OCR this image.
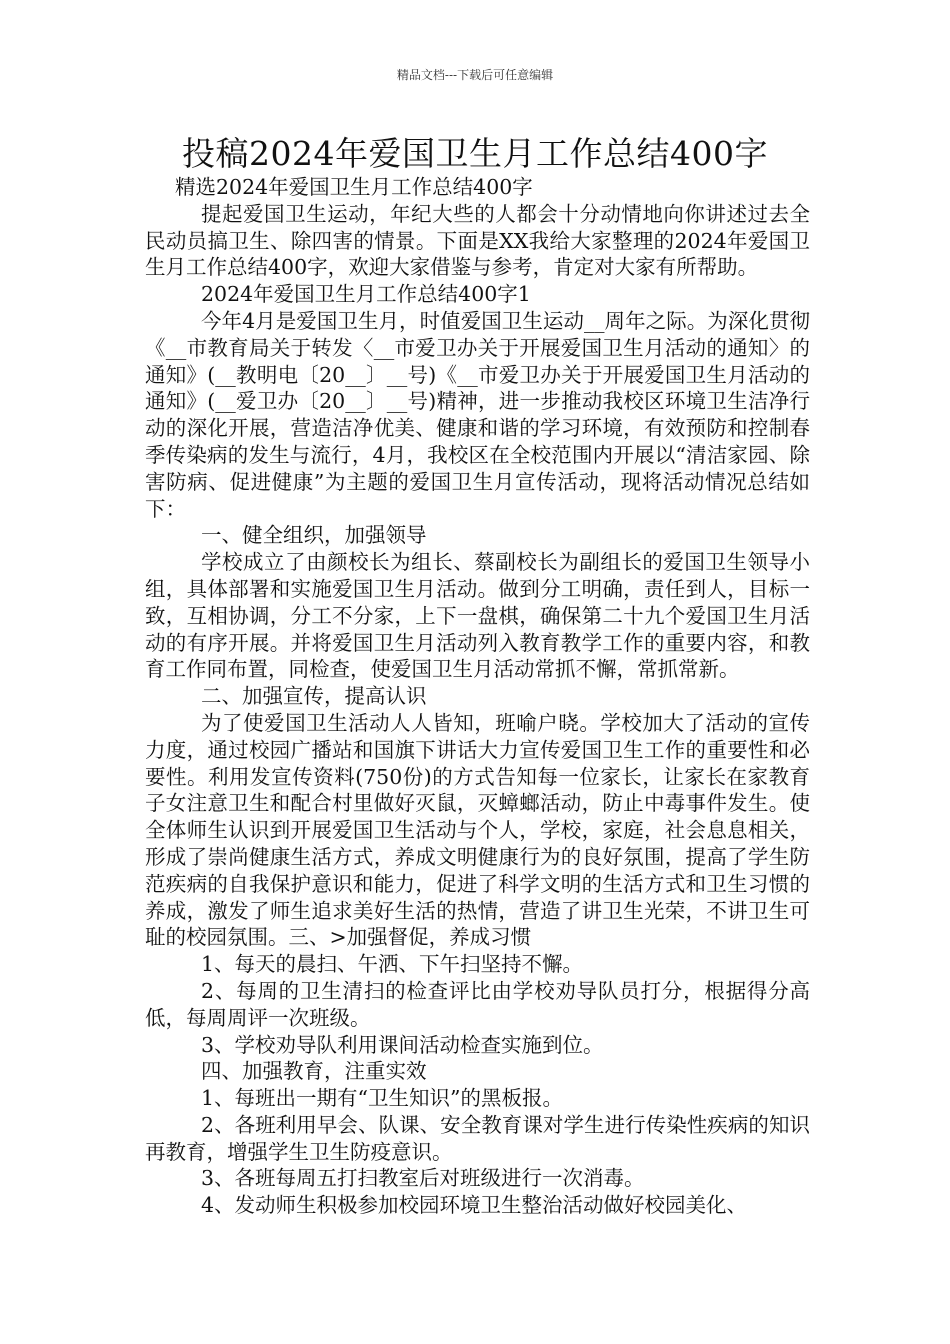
精品文档---下载后可任意编辑
投稿2024年爱国卫生月工作总结400字

精选2024年爱国卫生月工作总结400字

提起爱国卫生运动，年纪大些的人都会十分动情地向你讲述过去全民动员搞卫生、除四害的情景。下面是XX我给大家整理的2024年爱国卫生月工作总结400字，欢迎大家借鉴与参考，肯定对大家有所帮助。

2024年爱国卫生月工作总结400字1

今年4月是爱国卫生月，时值爱国卫生运动__周年之际。为深化贯彻《__市教育局关于转发〈__市爱卫办关于开展爱国卫生月活动的通知〉的通知》(__教明电〔20__〕__号)《__市爱卫办关于开展爱国卫生月活动的通知》(__爱卫办〔20__〕__号)精神，进一步推动我校区环境卫生洁净行动的深化开展，营造洁净优美、健康和谐的学习环境，有效预防和控制春季传染病的发生与流行，4月，我校区在全校范围内开展以“清洁家园、除害防病、促进健康”为主题的爱国卫生月宣传活动，现将活动情况总结如下：

一、健全组织，加强领导

学校成立了由颜校长为组长、蔡副校长为副组长的爱国卫生领导小组，具体部署和实施爱国卫生月活动。做到分工明确，责任到人，目标一致，互相协调，分工不分家，上下一盘棋，确保第二十九个爱国卫生月活动的有序开展。并将爱国卫生月活动列入教育教学工作的重要内容，和教育工作同布置，同检查，使爱国卫生月活动常抓不懈，常抓常新。

二、加强宣传，提高认识

为了使爱国卫生活动人人皆知，班喻户晓。学校加大了活动的宣传力度，通过校园广播站和国旗下讲话大力宣传爱国卫生工作的重要性和必要性。利用发宣传资料(750份)的方式告知每一位家长，让家长在家教育子女注意卫生和配合村里做好灭鼠，灭蟑螂活动，防止中毒事件发生。使全体师生认识到开展爱国卫生活动与个人，学校，家庭，社会息息相关，形成了崇尚健康生活方式，养成文明健康行为的良好氛围，提高了学生防范疾病的自我保护意识和能力，促进了科学文明的生活方式和卫生习惯的养成，激发了师生追求美好生活的热情，营造了讲卫生光荣，不讲卫生可耻的校园氛围。三、>加强督促，养成习惯

1、每天的晨扫、午洒、下午扫坚持不懈。

2、每周的卫生清扫的检查评比由学校劝导队员打分，根据得分高低，每周周评一次班级。

3、学校劝导队利用课间活动检查实施到位。

四、加强教育，注重实效

1、每班出一期有“卫生知识”的黑板报。

2、各班利用早会、队课、安全教育课对学生进行传染性疾病的知识再教育，增强学生卫生防疫意识。

3、各班每周五打扫教室后对班级进行一次消毒。

4、发动师生积极参加校园环境卫生整治活动做好校园美化、
